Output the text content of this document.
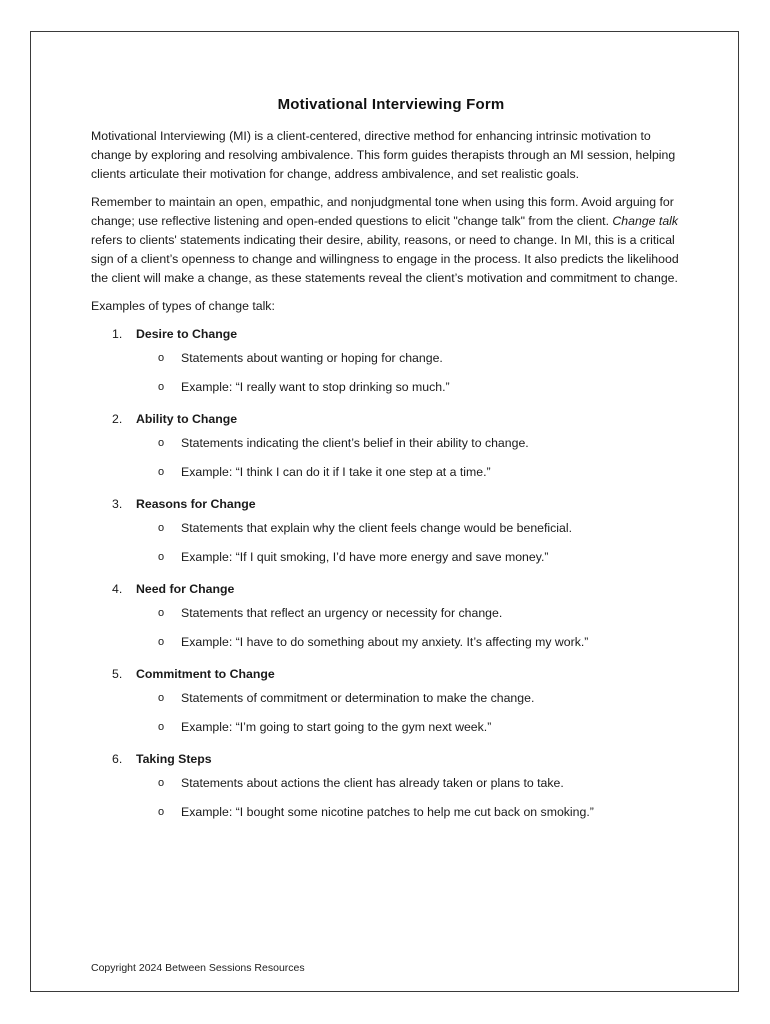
Motivational Interviewing Form

Motivational Interviewing (MI) is a client-centered, directive method for enhancing intrinsic motivation to change by exploring and resolving ambivalence. This form guides therapists through an MI session, helping clients articulate their motivation for change, address ambivalence, and set realistic goals.

Remember to maintain an open, empathic, and nonjudgmental tone when using this form. Avoid arguing for change; use reflective listening and open-ended questions to elicit "change talk" from the client. Change talk refers to clients' statements indicating their desire, ability, reasons, or need to change. In MI, this is a critical sign of a client’s openness to change and willingness to engage in the process. It also predicts the likelihood the client will make a change, as these statements reveal the client’s motivation and commitment to change.

Examples of types of change talk:

1. Desire to Change
o Statements about wanting or hoping for change.
o Example: “I really want to stop drinking so much.”
2. Ability to Change
o Statements indicating the client’s belief in their ability to change.
o Example: “I think I can do it if I take it one step at a time.”
3. Reasons for Change
o Statements that explain why the client feels change would be beneficial.
o Example: “If I quit smoking, I’d have more energy and save money.”
4. Need for Change
o Statements that reflect an urgency or necessity for change.
o Example: “I have to do something about my anxiety. It’s affecting my work.”
5. Commitment to Change
o Statements of commitment or determination to make the change.
o Example: “I’m going to start going to the gym next week.”
6. Taking Steps
o Statements about actions the client has already taken or plans to take.
o Example: “I bought some nicotine patches to help me cut back on smoking.”
Copyright 2024 Between Sessions Resources
